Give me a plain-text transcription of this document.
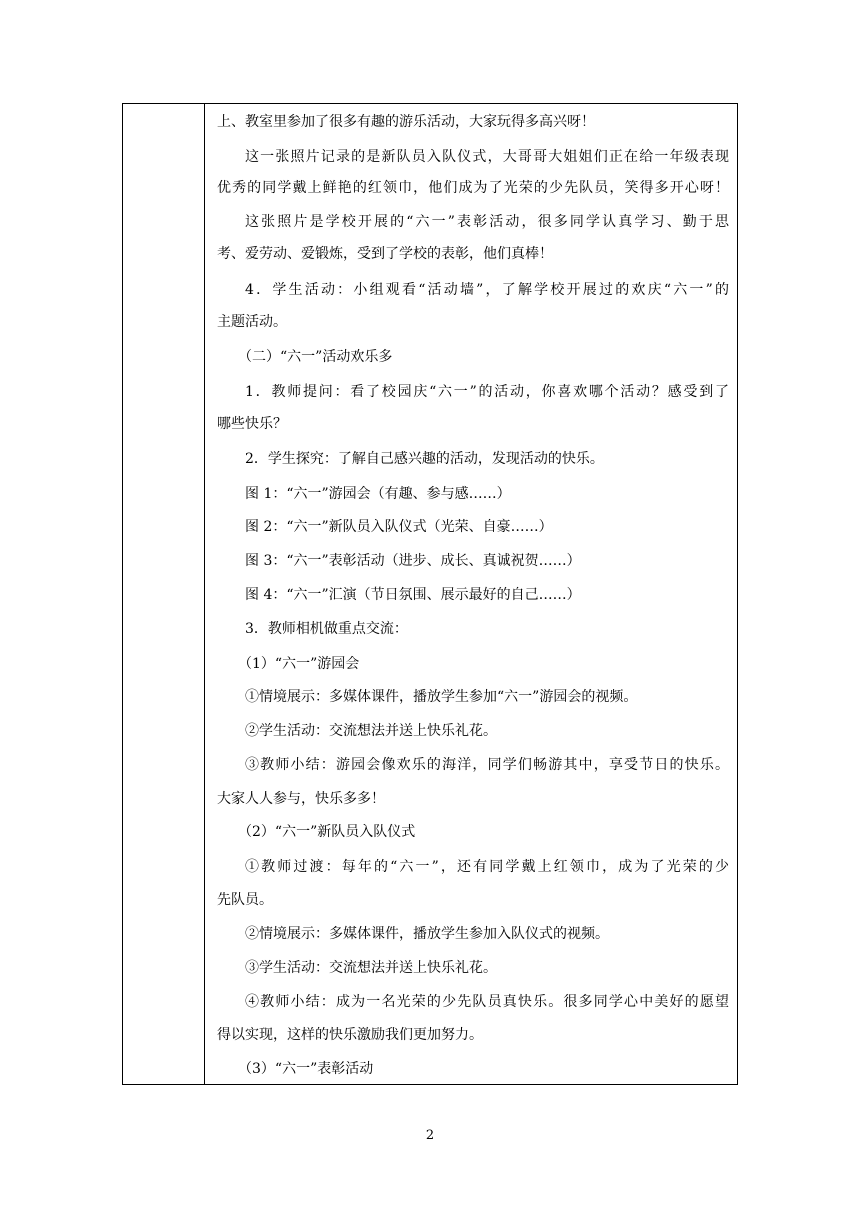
上、教室里参加了很多有趣的游乐活动，大家玩得多高兴呀！
这一张照片记录的是新队员入队仪式，大哥哥大姐姐们正在给一年级表现
优秀的同学戴上鲜艳的红领巾，他们成为了光荣的少先队员，笑得多开心呀！
这张照片是学校开展的“六一”表彰活动，很多同学认真学习、勤于思
考、爱劳动、爱锻炼，受到了学校的表彰，他们真棒！
4．学生活动：小组观看“活动墙”，了解学校开展过的欢庆“六一”的
主题活动。
（二）“六一”活动欢乐多
1．教师提问：看了校园庆“六一”的活动，你喜欢哪个活动？感受到了
哪些快乐？
2．学生探究：了解自己感兴趣的活动，发现活动的快乐。
图 1：“六一”游园会（有趣、参与感……）
图 2：“六一”新队员入队仪式（光荣、自豪……）
图 3：“六一”表彰活动（进步、成长、真诚祝贺……）
图 4：“六一”汇演（节日氛围、展示最好的自己……）
3．教师相机做重点交流：
（1）“六一”游园会
①情境展示：多媒体课件，播放学生参加“六一”游园会的视频。
②学生活动：交流想法并送上快乐礼花。
③教师小结：游园会像欢乐的海洋，同学们畅游其中，享受节日的快乐。
大家人人参与，快乐多多！
（2）“六一”新队员入队仪式
①教师过渡：每年的“六一”，还有同学戴上红领巾，成为了光荣的少
先队员。
②情境展示：多媒体课件，播放学生参加入队仪式的视频。
③学生活动：交流想法并送上快乐礼花。
④教师小结：成为一名光荣的少先队员真快乐。很多同学心中美好的愿望
得以实现，这样的快乐激励我们更加努力。
（3）“六一”表彰活动
2
